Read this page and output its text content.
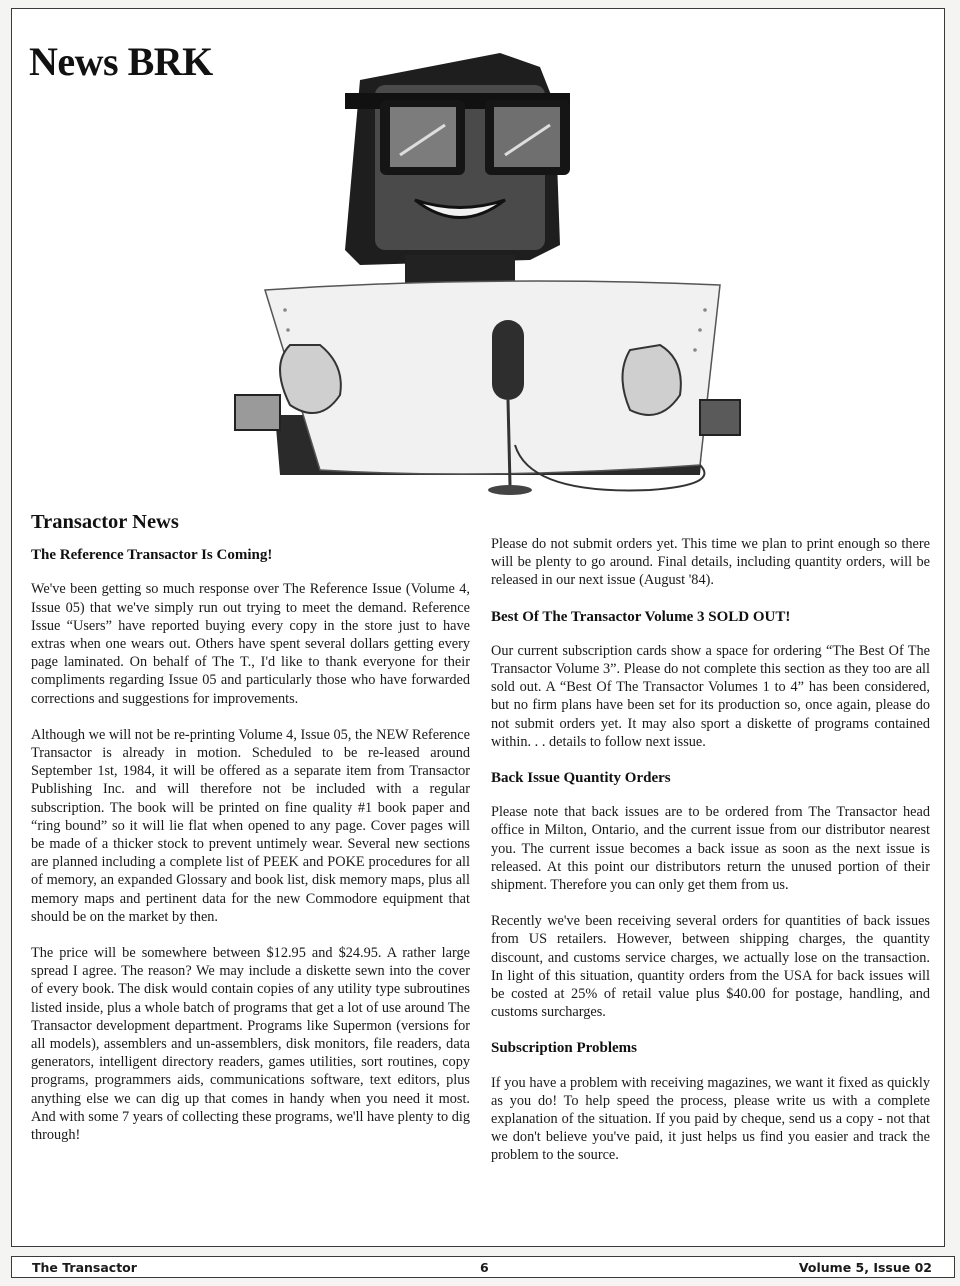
News BRK
Transactor News
The Reference Transactor Is Coming!

We've been getting so much response over The Reference Issue (Volume 4, Issue 05) that we've simply run out trying to meet the demand. Reference Issue “Users” have reported buying every copy in the store just to have extras when one wears out. Others have spent several dollars getting every page laminated. On behalf of The T., I'd like to thank everyone for their compliments regarding Issue 05 and particularly those who have forwarded corrections and suggestions for improvements.

Although we will not be re-printing Volume 4, Issue 05, the NEW Reference Transactor is already in motion. Scheduled to be re-leased around September 1st, 1984, it will be offered as a separate item from Transactor Publishing Inc. and will therefore not be included with a regular subscription. The book will be printed on fine quality #1 book paper and “ring bound” so it will lie flat when opened to any page. Cover pages will be made of a thicker stock to prevent untimely wear. Several new sections are planned including a complete list of PEEK and POKE procedures for all of memory, an expanded Glossary and book list, disk memory maps, plus all memory maps and pertinent data for the new Commodore equipment that should be on the market by then.

The price will be somewhere between $12.95 and $24.95. A rather large spread I agree. The reason? We may include a diskette sewn into the cover of every book. The disk would contain copies of any utility type subroutines listed inside, plus a whole batch of programs that get a lot of use around The Transactor development department. Programs like Supermon (versions for all models), assemblers and un-assemblers, disk monitors, file readers, data generators, intelligent directory readers, games utilities, sort routines, copy programs, programmers aids, communications software, text editors, plus anything else we can dig up that comes in handy when you need it most. And with some 7 years of collecting these programs, we'll have plenty to dig through!

Please do not submit orders yet. This time we plan to print enough so there will be plenty to go around. Final details, including quantity orders, will be released in our next issue (August '84).

Best Of The Transactor Volume 3 SOLD OUT!

Our current subscription cards show a space for ordering “The Best Of The Transactor Volume 3”. Please do not complete this section as they too are all sold out. A “Best Of The Transactor Volumes 1 to 4” has been considered, but no firm plans have been set for its production so, once again, please do not submit orders yet. It may also sport a diskette of programs contained within. . . details to follow next issue.

Back Issue Quantity Orders

Please note that back issues are to be ordered from The Transactor head office in Milton, Ontario, and the current issue from our distributor nearest you. The current issue becomes a back issue as soon as the next issue is released. At this point our distributors return the unused portion of their shipment. Therefore you can only get them from us.

Recently we've been receiving several orders for quantities of back issues from US retailers. However, between shipping charges, the quantity discount, and customs service charges, we actually lose on the transaction. In light of this situation, quantity orders from the USA for back issues will be costed at 25% of retail value plus $40.00 for postage, handling, and customs surcharges.

Subscription Problems

If you have a problem with receiving magazines, we want it fixed as quickly as you do! To help speed the process, please write us with a complete explanation of the situation. If you paid by cheque, send us a copy - not that we don't believe you've paid, it just helps us find you easier and track the problem to the source.

The Transactor	6	Volume 5, Issue 02
